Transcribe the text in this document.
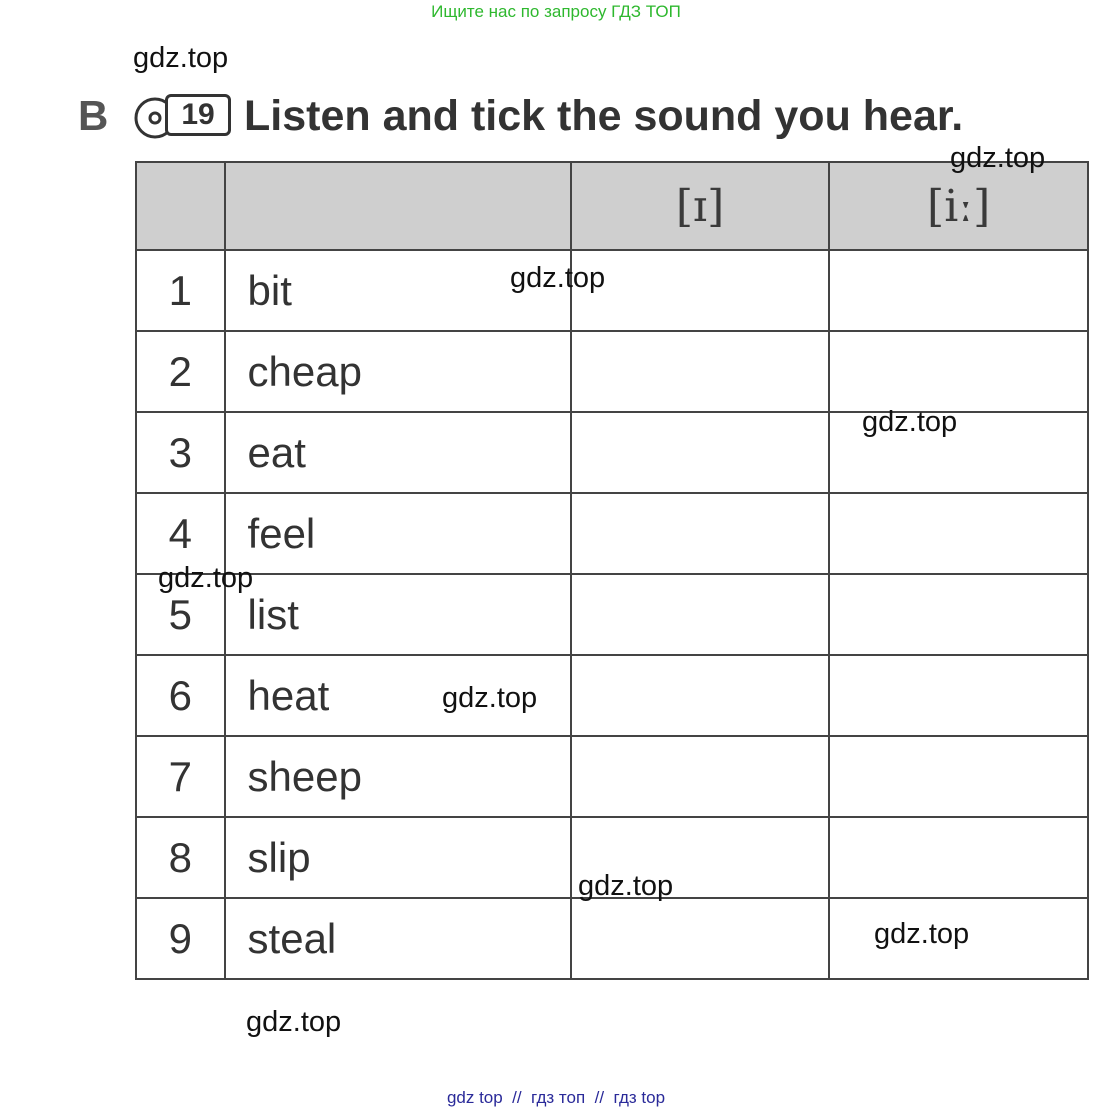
Ищите нас по запросу ГДЗ ТОП
B	19 Listen and tick the sound you hear.
		[ɪ]	[iː]
1	bit		
2	cheap		
3	eat		
4	feel		
5	list		
6	heat		
7	sheep		
8	slip		
9	steal		
gdz.top
gdz.top
gdz.top
gdz.top
gdz.top
gdz.top
gdz.top
gdz.top
gdz.top
gdz top  //  гдз топ  //  гдз top
